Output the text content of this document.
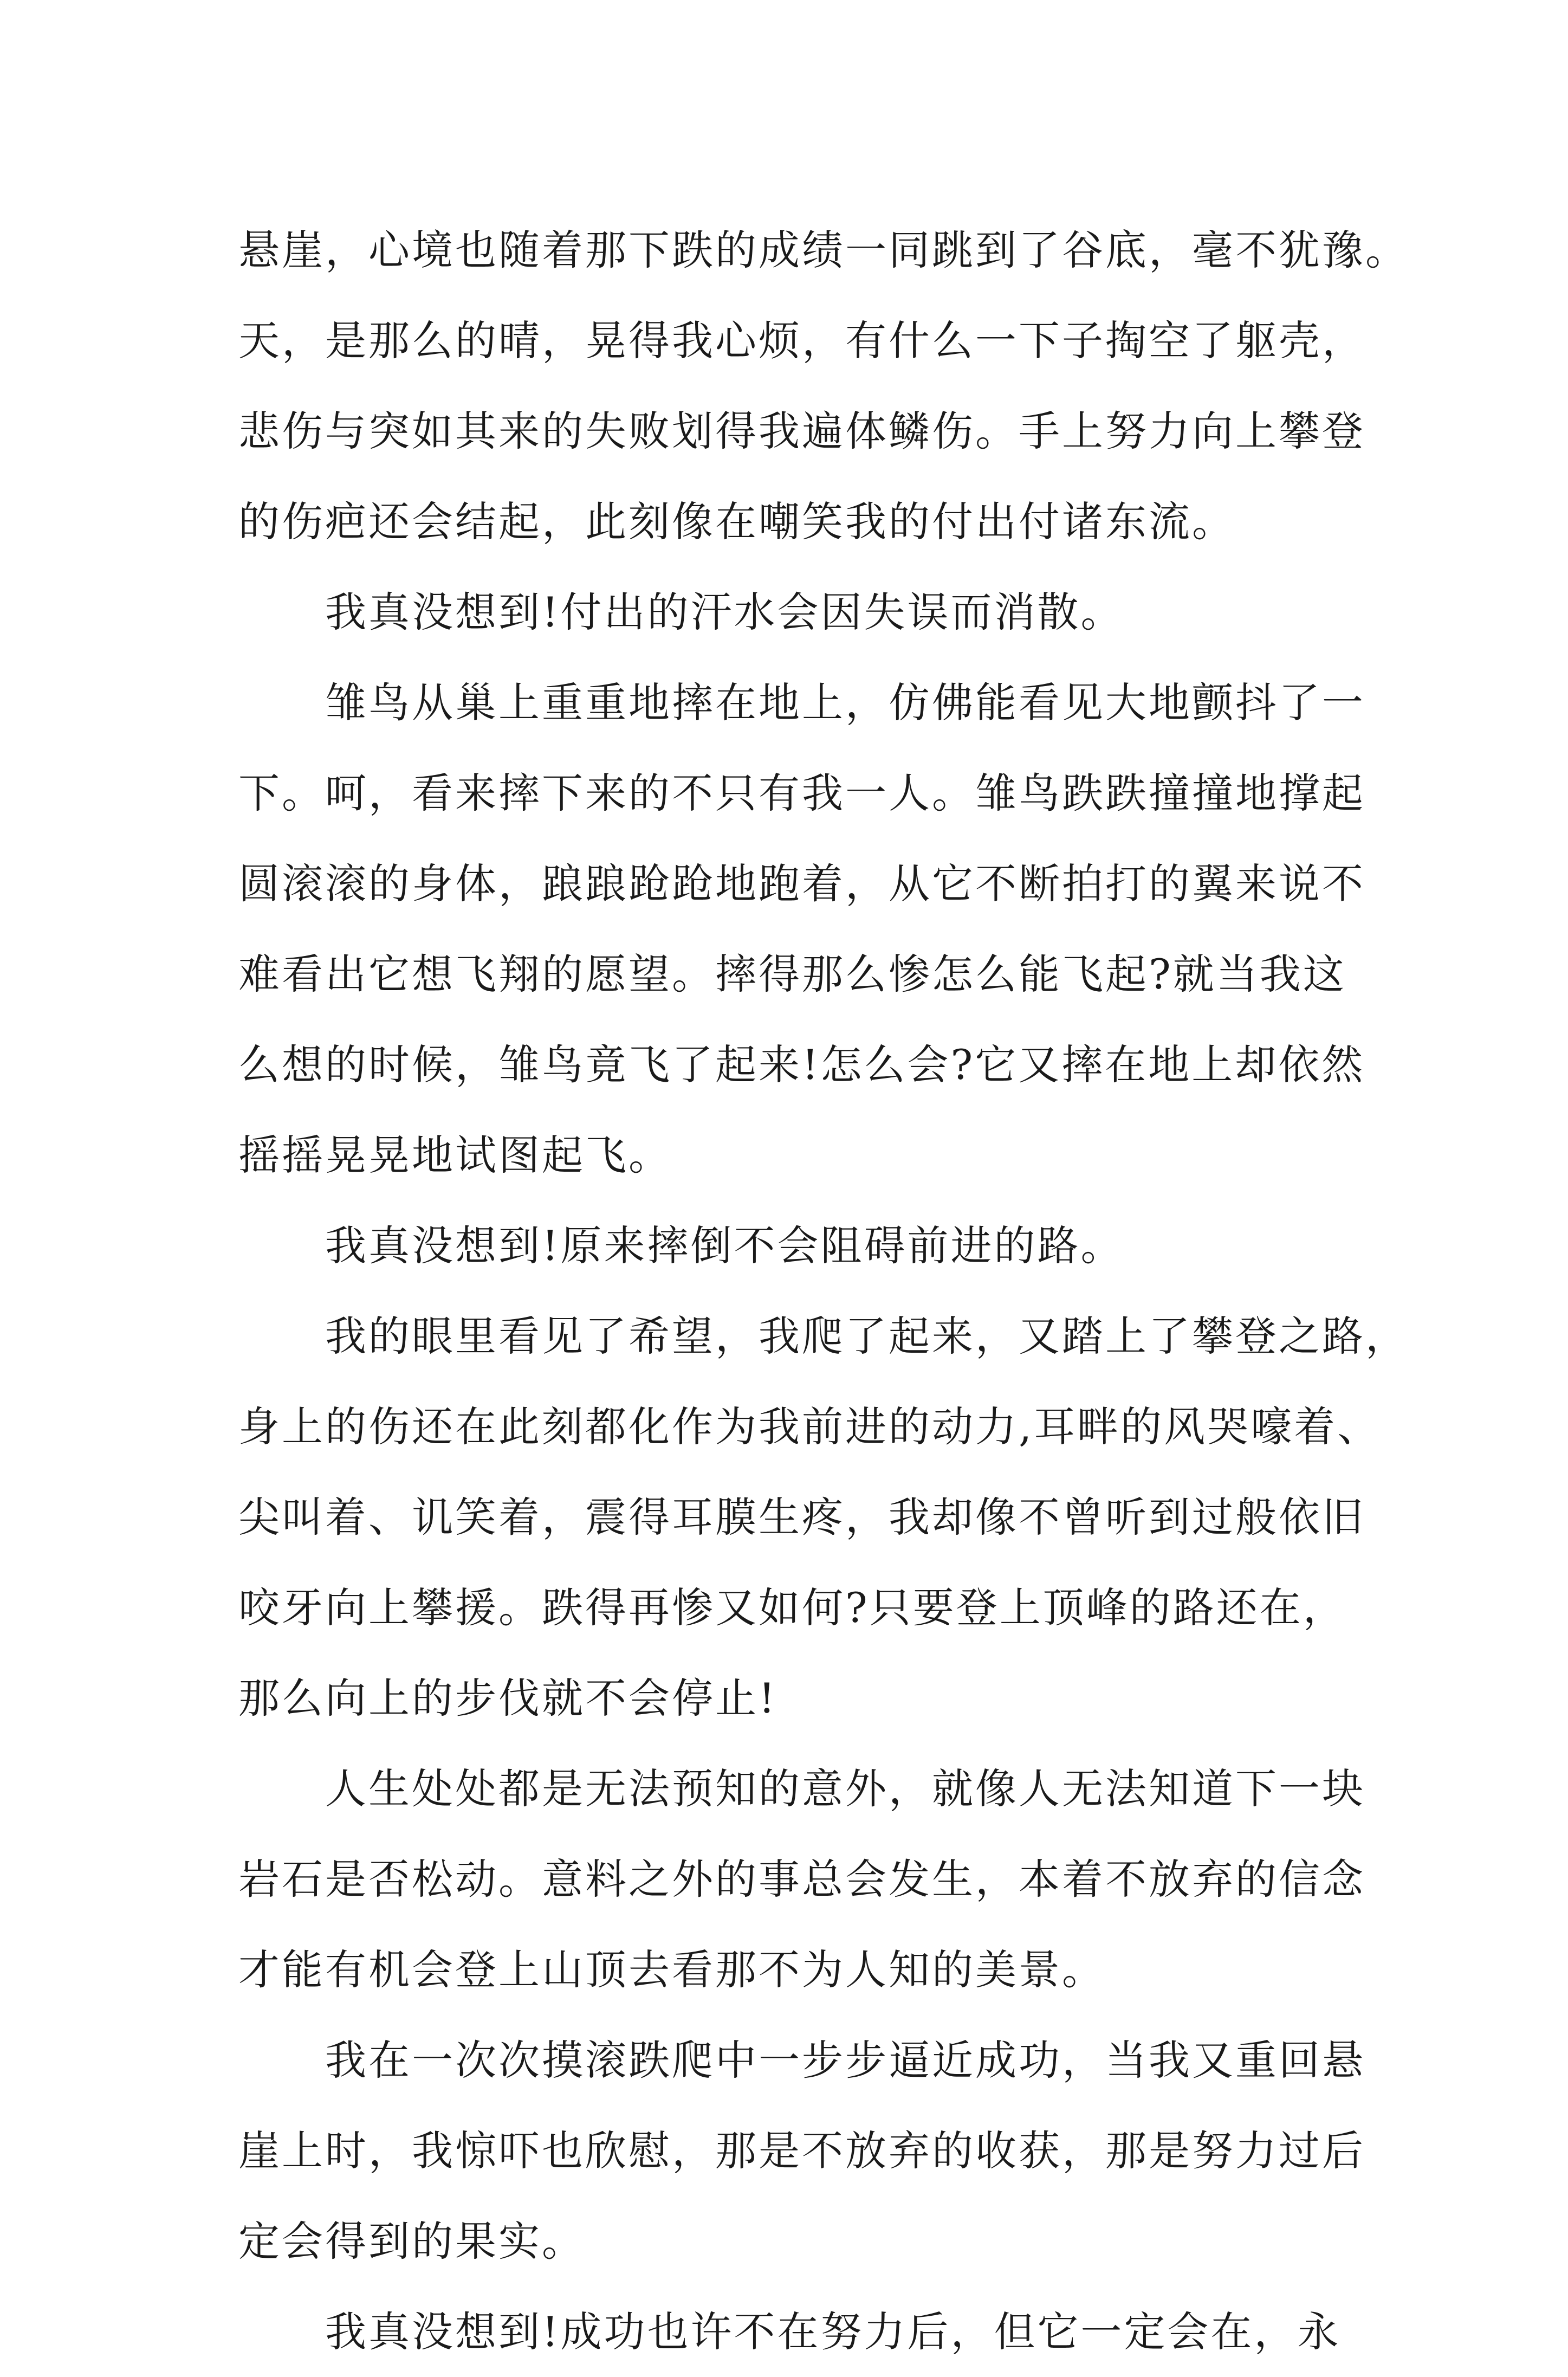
悬崖，心境也随着那下跌的成绩一同跳到了谷底，毫不犹豫。
天，是那么的晴，晃得我心烦，有什么一下子掏空了躯壳，
悲伤与突如其来的失败划得我遍体鳞伤。手上努力向上攀登
的伤疤还会结起，此刻像在嘲笑我的付出付诸东流。
我真没想到!付出的汗水会因失误而消散。
雏鸟从巢上重重地摔在地上，仿佛能看见大地颤抖了一
下。呵，看来摔下来的不只有我一人。雏鸟跌跌撞撞地撑起
圆滚滚的身体，踉踉跄跄地跑着，从它不断拍打的翼来说不
难看出它想飞翔的愿望。摔得那么惨怎么能飞起?就当我这
么想的时候，雏鸟竟飞了起来!怎么会?它又摔在地上却依然
摇摇晃晃地试图起飞。
我真没想到!原来摔倒不会阻碍前进的路。
我的眼里看见了希望，我爬了起来，又踏上了攀登之路，
身上的伤还在此刻都化作为我前进的动力,耳畔的风哭嚎着、
尖叫着、讥笑着，震得耳膜生疼，我却像不曾听到过般依旧
咬牙向上攀援。跌得再惨又如何?只要登上顶峰的路还在，
那么向上的步伐就不会停止!
人生处处都是无法预知的意外，就像人无法知道下一块
岩石是否松动。意料之外的事总会发生，本着不放弃的信念
才能有机会登上山顶去看那不为人知的美景。
我在一次次摸滚跌爬中一步步逼近成功，当我又重回悬
崖上时，我惊吓也欣慰，那是不放弃的收获，那是努力过后
定会得到的果实。
我真没想到!成功也许不在努力后，但它一定会在，永
